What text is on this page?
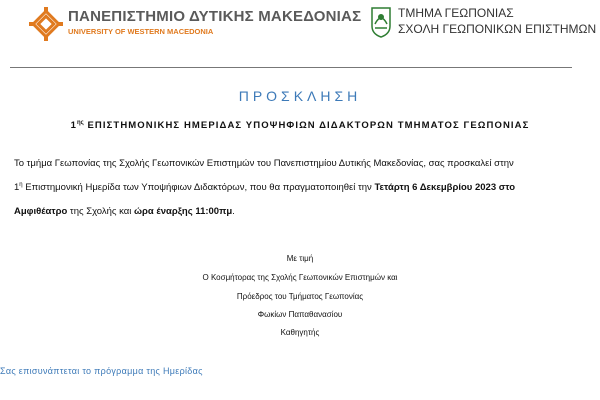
ΠΑΝΕΠΙΣΤΗΜΙΟ ΔΥΤΙΚΗΣ ΜΑΚΕΔΟΝΙΑΣ
UNIVERSITY OF WESTERN MACEDONIA
ΤΜΗΜΑ ΓΕΩΠΟΝΙΑΣ
ΣΧΟΛΗ ΓΕΩΠΟΝΙΚΩΝ ΕΠΙΣΤΗΜΩΝ
ΠΡΟΣΚΛΗΣΗ
$1^{\eta\varsigma}$ ΕΠΙΣΤΗΜΟΝΙΚΗΣ ΗΜΕΡΙΔΑΣ ΥΠΟΨΗΦΙΩΝ ΔΙΔΑΚΤΟΡΩΝ ΤΜΗΜΑΤΟΣ ΓΕΩΠΟΝΙΑΣ
Το τμήμα Γεωπονίας της Σχολής Γεωπονικών Επιστημών του Πανεπιστημίου Δυτικής Μακεδονίας, σας προσκαλεί στην
$1^\eta$ Επιστημονική Ημερίδα των Υποψήφιων Διδακτόρων, που θα πραγματοποιηθεί την Τετάρτη 6 Δεκεμβρίου 2023 στο
Αμφιθέατρο της Σχολής και ώρα έναρξης 11:00πμ.
Με τιμή
Ο Κοσμήτορας της Σχολής Γεωπονικών Επιστημών και
Πρόεδρος του Τμήματος Γεωπονίας
Φωκίων Παπαθανασίου
Καθηγητής
Σας επισυνάπτεται το πρόγραμμα της Ημερίδας
